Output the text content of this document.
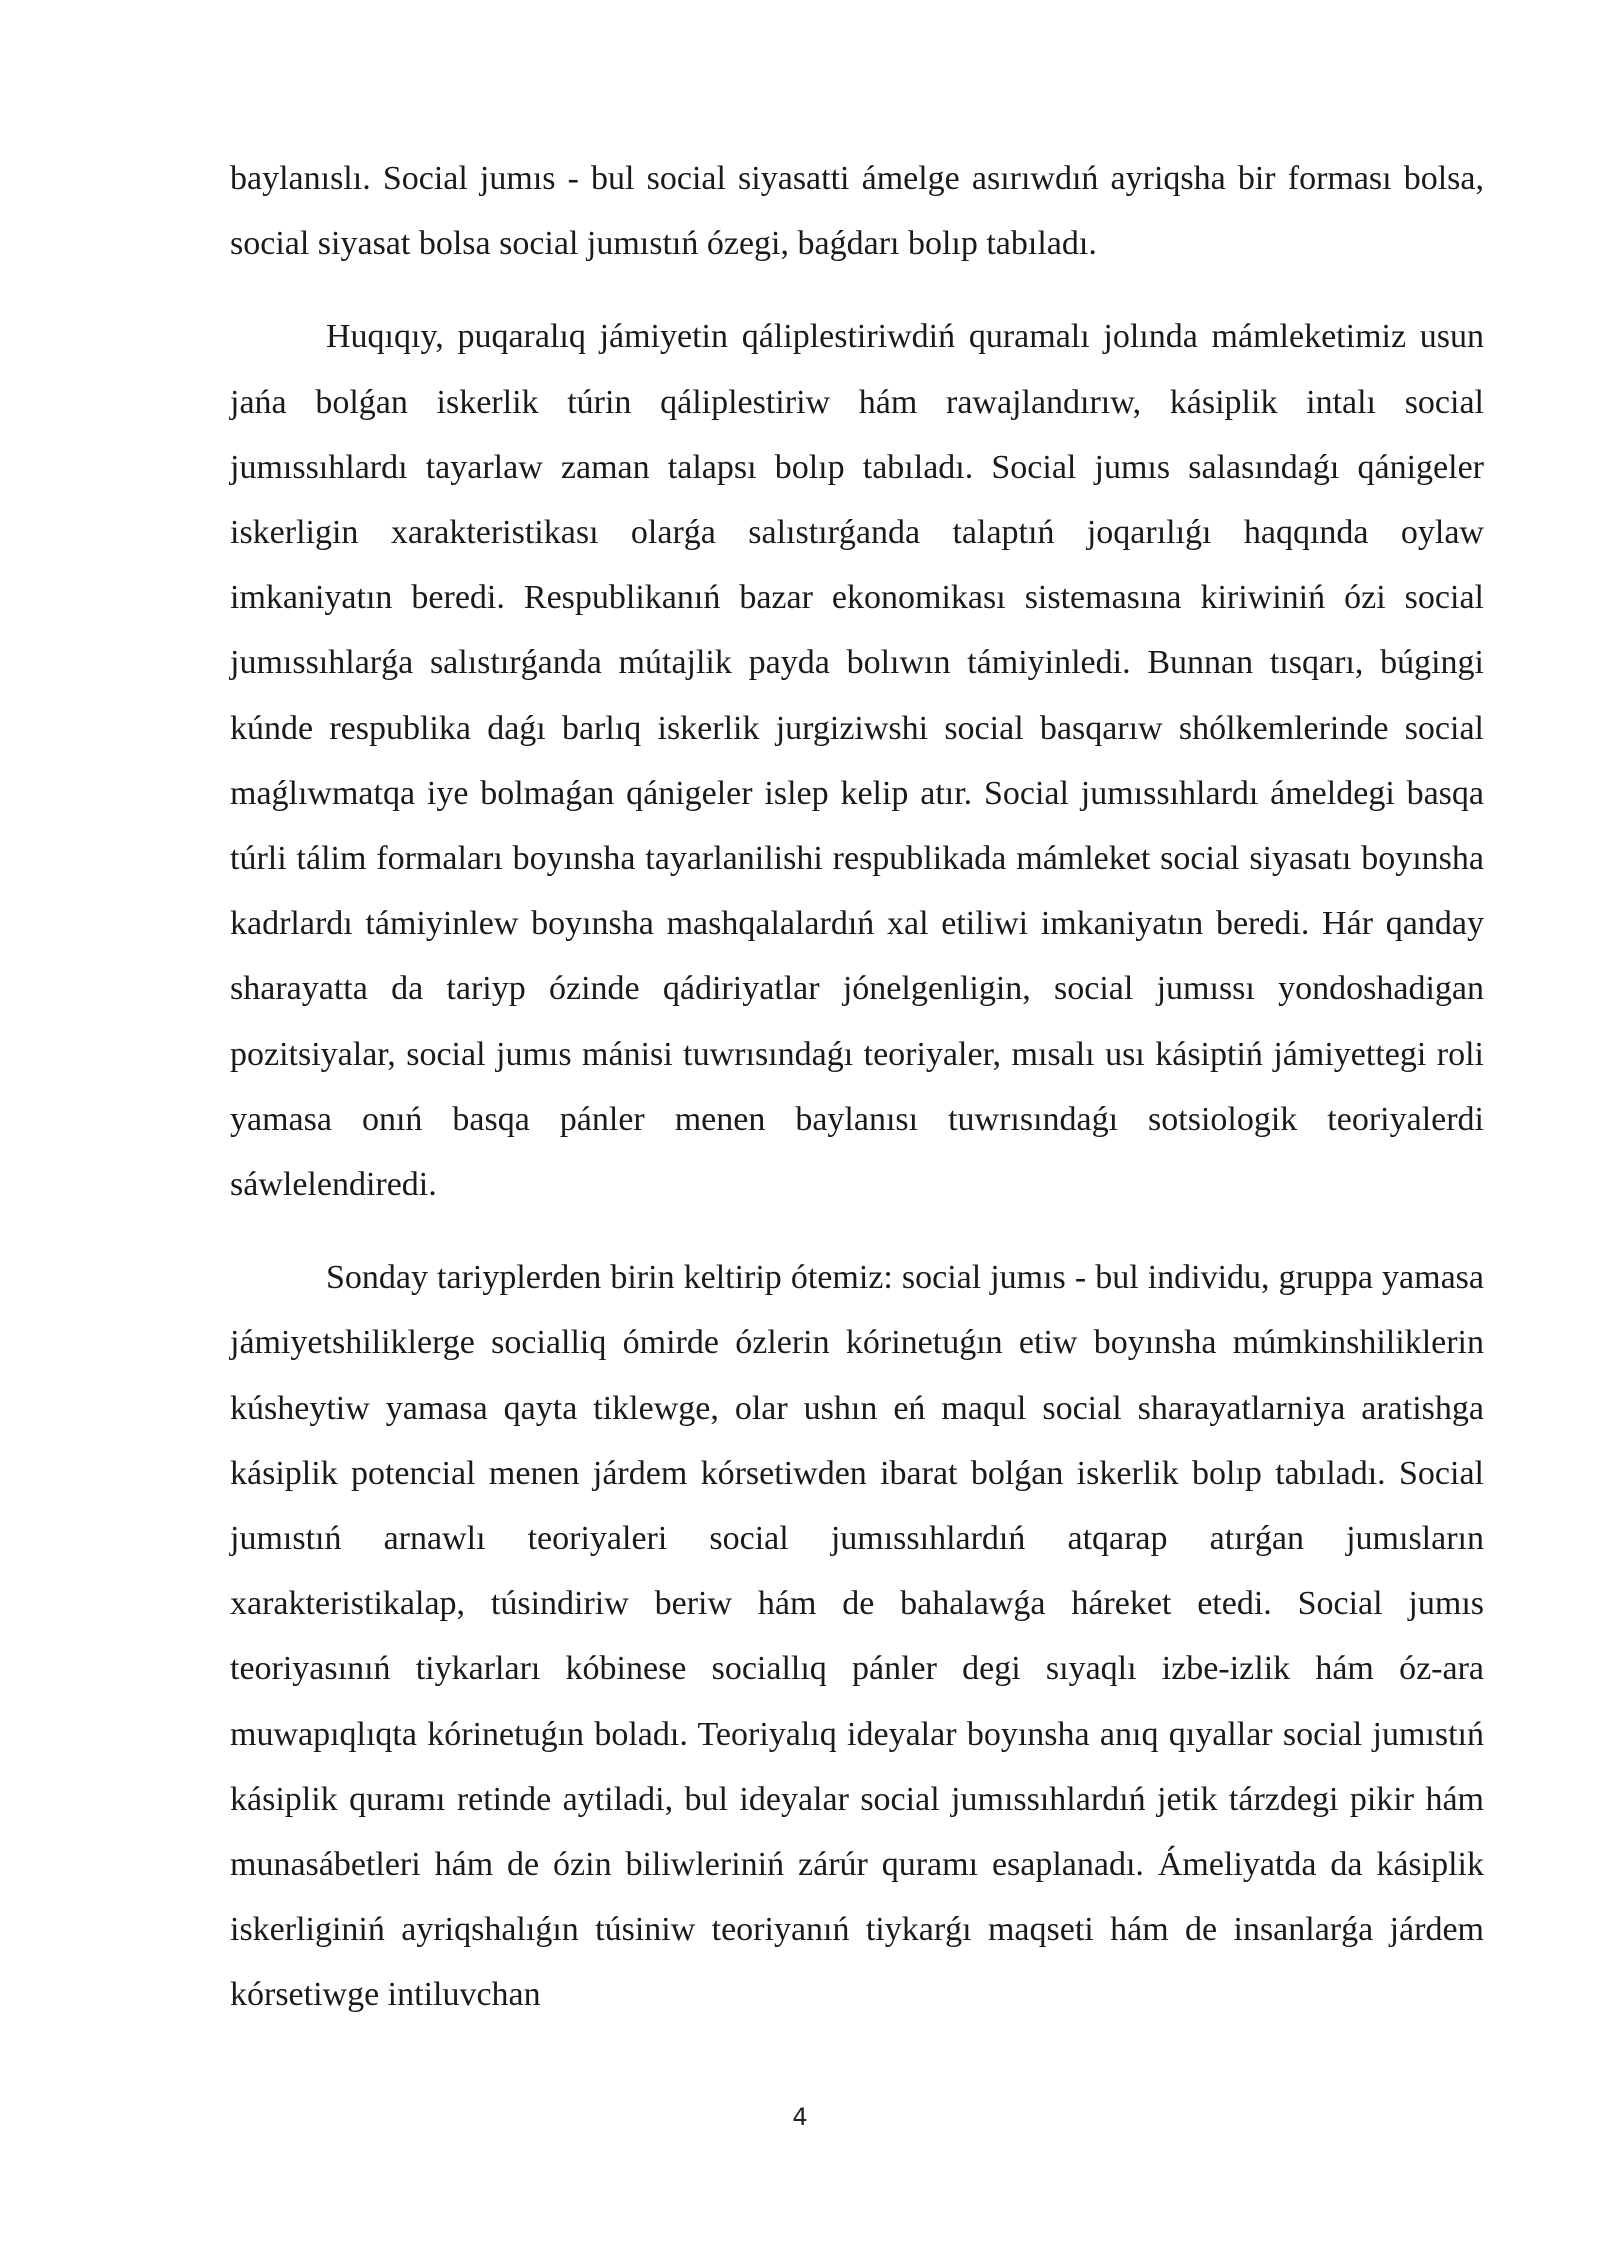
baylanıslı. Social jumıs - bul social siyasatti ámelge asırıwdıń ayriqsha bir forması bolsa, social siyasat bolsa social jumıstıń ózegi, baǵdarı bolıp tabıladı.

Huqıqıy, puqaralıq jámiyetin qáliplestiriwdiń quramalı jolında mámleketimiz usun jańa bolǵan iskerlik túrin qáliplestiriw hám rawajlandırıw, kásiplik intalı social jumıssıhlardı tayarlaw zaman talapsı bolıp tabıladı. Social jumıs salasındaǵı qánigeler iskerligin xarakteristikası olarǵa salıstırǵanda talaptıń joqarılıǵı haqqında oylaw imkaniyatın beredi. Respublikanıń bazar ekonomikası sistemasına kiriwiniń ózi social jumıssıhlarǵa salıstırǵanda mútajlik payda bolıwın támiyinledi. Bunnan tısqarı, búgingi kúnde respublika daǵı barlıq iskerlik jurgiziwshi social basqarıw shólkemlerinde social maǵlıwmatqa iye bolmaǵan qánigeler islep kelip atır. Social jumıssıhlardı ámeldegi basqa túrli tálim formaları boyınsha tayarlanilishi respublikada mámleket social siyasatı boyınsha kadrlardı támiyinlew boyınsha mashqalalardıń xal etiliwi imkaniyatın beredi. Hár qanday sharayatta da tariyp ózinde qádiriyatlar jónelgenligin, social jumıssı yondoshadigan pozitsiyalar, social jumıs mánisi tuwrısındaǵı teoriyaler, mısalı usı kásiptiń jámiyettegi roli yamasa onıń basqa pánler menen baylanısı tuwrısındaǵı sotsiologik teoriyalerdi sáwlelendiredi.

Sonday tariyplerden birin keltirip ótemiz: social jumıs - bul individu, gruppa yamasa jámiyetshiliklerge socialliq ómirde ózlerin kórinetuǵın etiw boyınsha múmkinshiliklerin kúsheytiw yamasa qayta tiklewge, olar ushın eń maqul social sharayatlarniya aratishga kásiplik potencial menen járdem kórsetiwden ibarat bolǵan iskerlik bolıp tabıladı. Social jumıstıń arnawlı teoriyaleri social jumıssıhlardıń atqarap atırǵan jumısların xarakteristikalap, túsindiriw beriw hám de bahalawǵa háreket etedi. Social jumıs teoriyasınıń tiykarları kóbinese sociallıq pánler degi sıyaqlı izbe-izlik hám óz-ara muwapıqlıqta kórinetuǵın boladı. Teoriyalıq ideyalar boyınsha anıq qıyallar social jumıstıń kásiplik quramı retinde aytiladi, bul ideyalar social jumıssıhlardıń jetik tárzdegi pikir hám munasábetleri hám de ózin biliwleriniń zárúr quramı esaplanadı. Ámeliyatda da kásiplik iskerliginiń ayriqshalıǵın túsiniw teoriyanıń tiykarǵı maqseti hám de insanlarǵa járdem kórsetiwge intiluvchan

4
